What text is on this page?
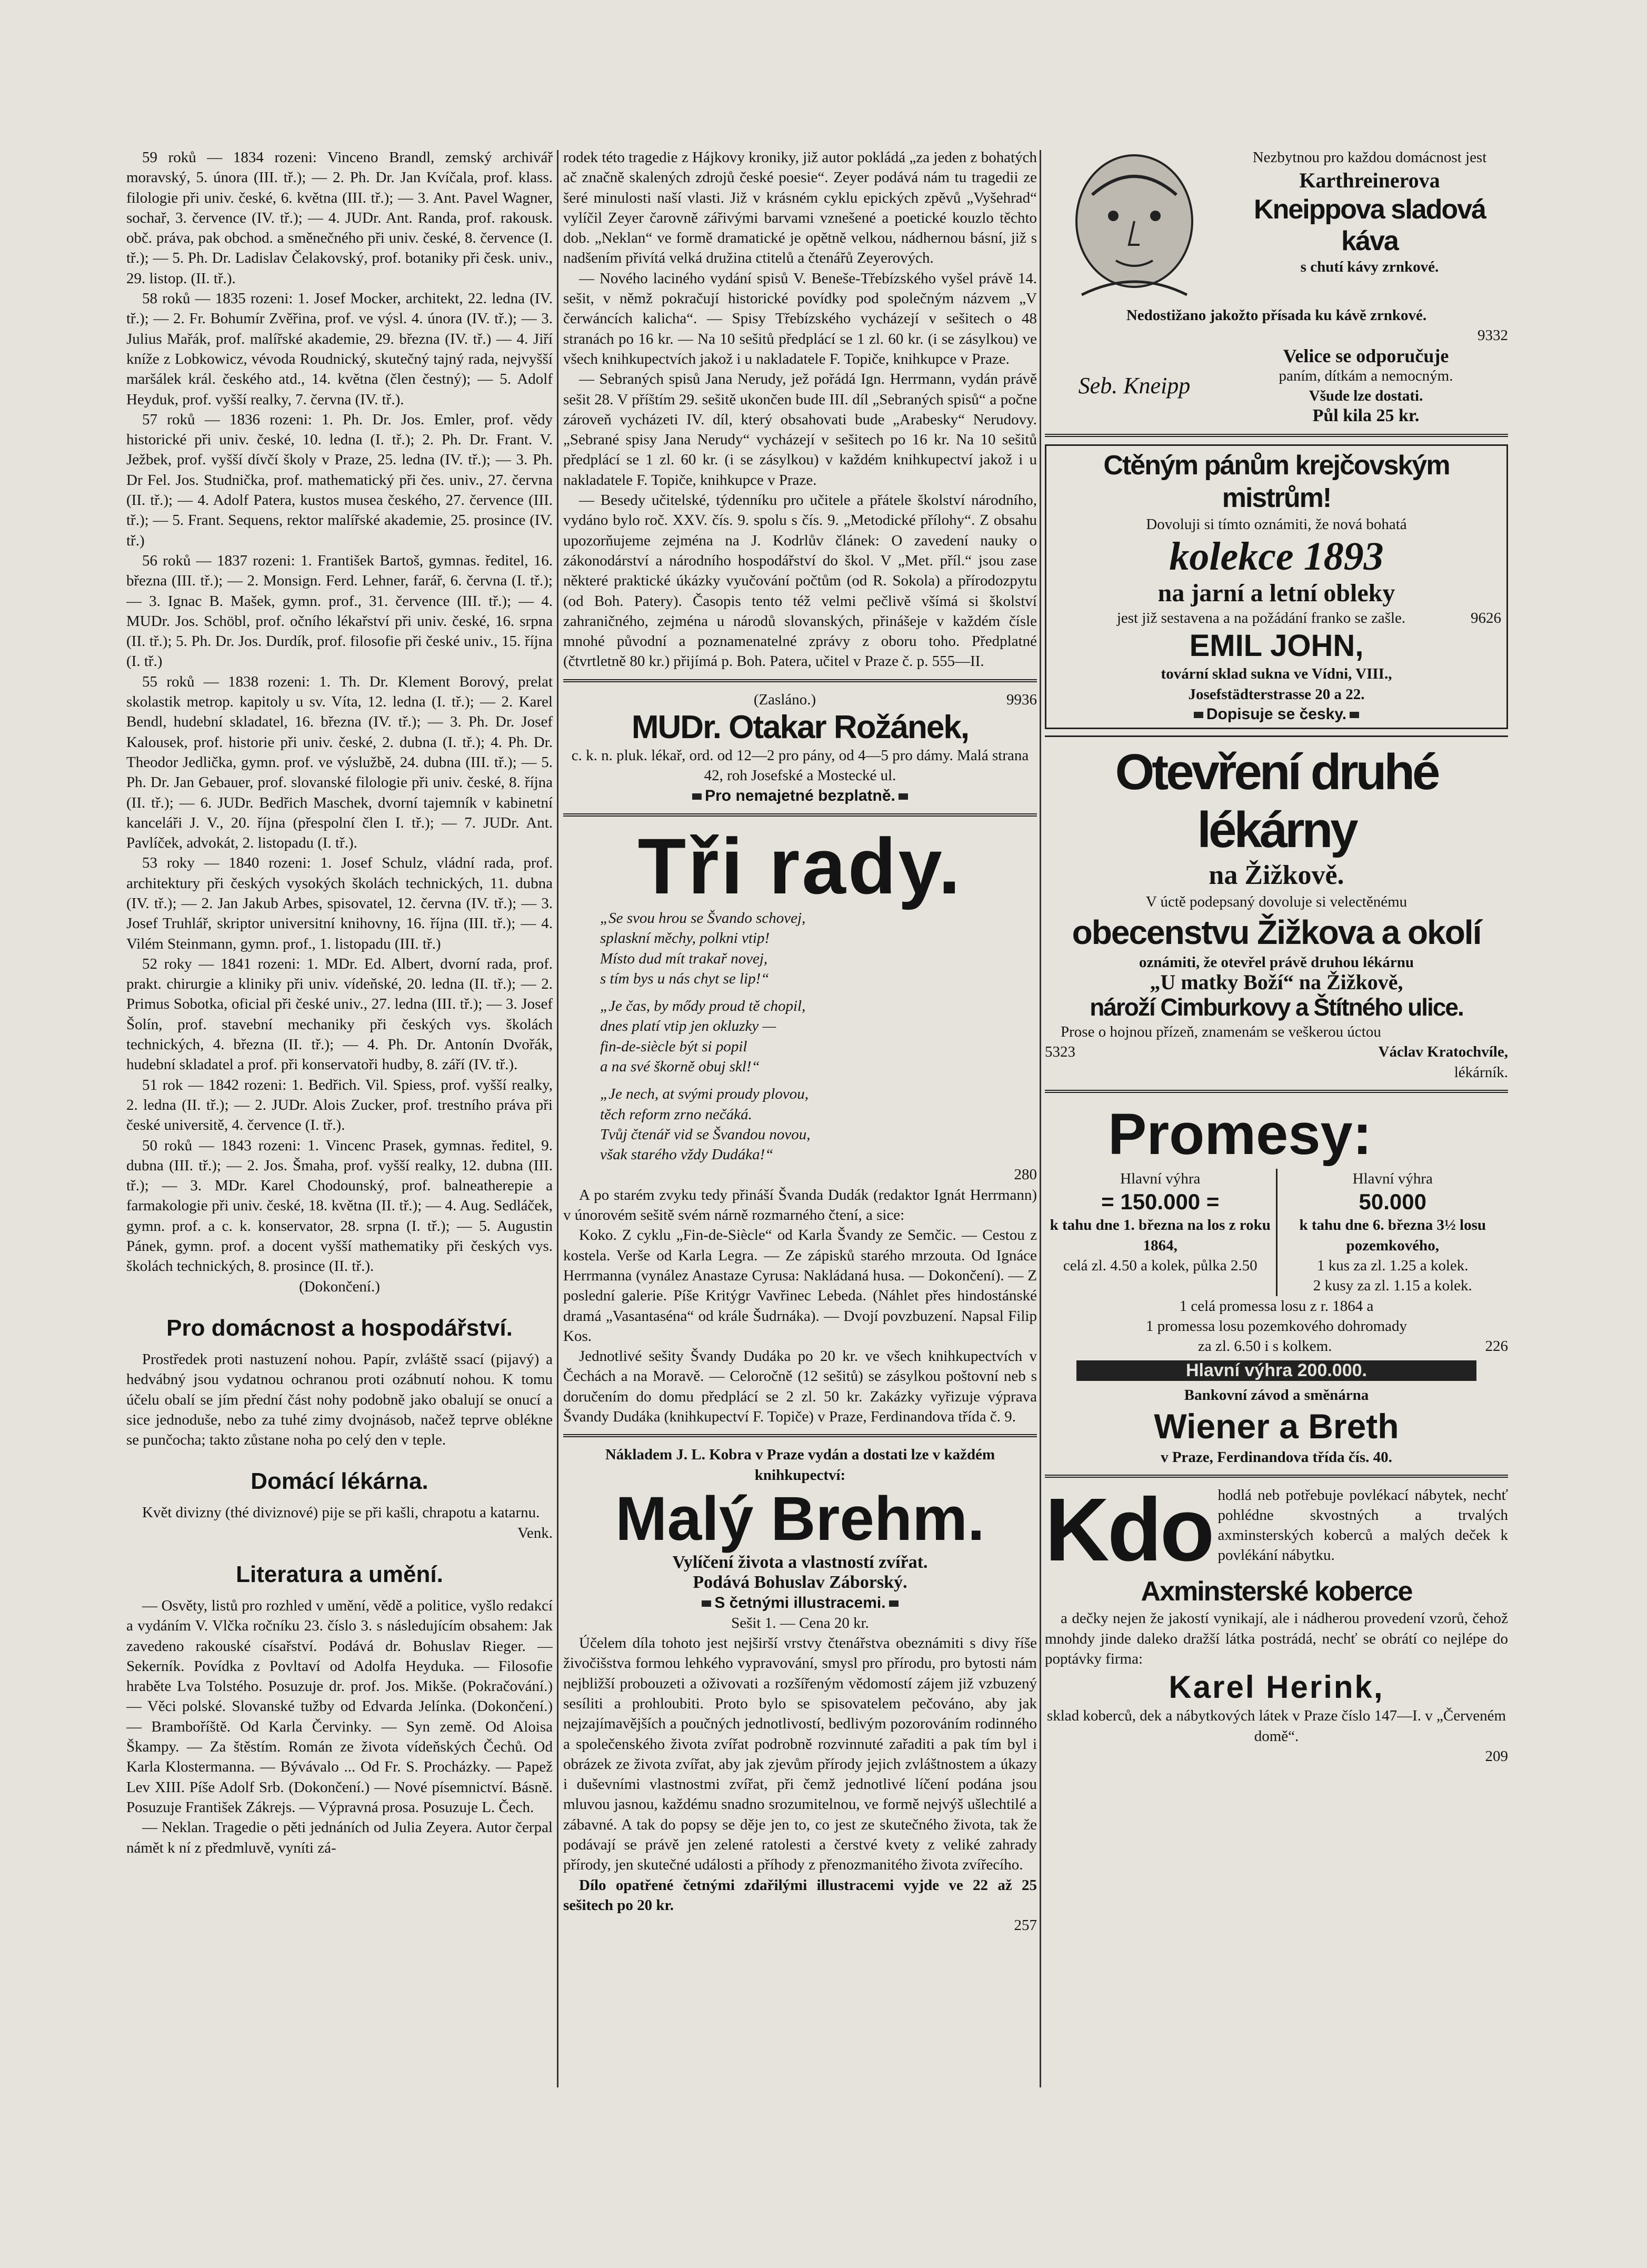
59 roků — 1834 rozeni: Vinceno Brandl, zemský archivář moravský, 5. února (III. tř.); — 2. Ph. Dr. Jan Kvíčala, prof. klass. filologie při univ. české, 6. května (III. tř.); — 3. Ant. Pavel Wagner, sochař, 3. července (IV. tř.); — 4. JUDr. Ant. Randa, prof. rakousk. obč. práva, pak obchod. a směnečného při univ. české, 8. července (I. tř.); — 5. Ph. Dr. Ladislav Čelakovský, prof. botaniky při česk. univ., 29. listop. (II. tř.).

58 roků — 1835 rozeni: 1. Josef Mocker, architekt, 22. ledna (IV. tř.); — 2. Fr. Bohumír Zvěřina, prof. ve výsl. 4. února (IV. tř.); — 3. Julius Mařák, prof. malířské akademie, 29. března (IV. tř.) — 4. Jiří kníže z Lobkowicz, vévoda Roudnický, skutečný tajný rada, nejvyšší maršálek král. českého atd., 14. května (člen čestný); — 5. Adolf Heyduk, prof. vyšší realky, 7. června (IV. tř.).

57 roků — 1836 rozeni: 1. Ph. Dr. Jos. Emler, prof. vědy historické při univ. české, 10. ledna (I. tř.); 2. Ph. Dr. Frant. V. Ježbek, prof. vyšší dívčí školy v Praze, 25. ledna (IV. tř.); — 3. Ph. Dr Fel. Jos. Studnička, prof. mathematický při čes. univ., 27. června (II. tř.); — 4. Adolf Patera, kustos musea českého, 27. července (III. tř.); — 5. Frant. Sequens, rektor malířské akademie, 25. prosince (IV. tř.)

56 roků — 1837 rozeni: 1. František Bartoš, gymnas. ředitel, 16. března (III. tř.); — 2. Monsign. Ferd. Lehner, farář, 6. června (I. tř.); — 3. Ignac B. Mašek, gymn. prof., 31. července (III. tř.); — 4. MUDr. Jos. Schöbl, prof. očního lékařství při univ. české, 16. srpna (II. tř.); 5. Ph. Dr. Jos. Durdík, prof. filosofie při české univ., 15. října (I. tř.)

55 roků — 1838 rozeni: 1. Th. Dr. Klement Borový, prelat skolastik metrop. kapitoly u sv. Víta, 12. ledna (I. tř.); — 2. Karel Bendl, hudební skladatel, 16. března (IV. tř.); — 3. Ph. Dr. Josef Kalousek, prof. historie při univ. české, 2. dubna (I. tř.); 4. Ph. Dr. Theodor Jedlička, gymn. prof. ve výslužbě, 24. dubna (III. tř.); — 5. Ph. Dr. Jan Gebauer, prof. slovanské filologie při univ. české, 8. října (II. tř.); — 6. JUDr. Bedřich Maschek, dvorní tajemník v kabinetní kanceláři J. V., 20. října (přespolní člen I. tř.); — 7. JUDr. Ant. Pavlíček, advokát, 2. listopadu (I. tř.).

53 roky — 1840 rozeni: 1. Josef Schulz, vládní rada, prof. architektury při českých vysokých školách technických, 11. dubna (IV. tř.); — 2. Jan Jakub Arbes, spisovatel, 12. června (IV. tř.); — 3. Josef Truhlář, skriptor universitní knihovny, 16. října (III. tř.); — 4. Vilém Steinmann, gymn. prof., 1. listopadu (III. tř.)

52 roky — 1841 rozeni: 1. MDr. Ed. Albert, dvorní rada, prof. prakt. chirurgie a kliniky při univ. vídeňské, 20. ledna (II. tř.); — 2. Primus Sobotka, oficial při české univ., 27. ledna (III. tř.); — 3. Josef Šolín, prof. stavební mechaniky při českých vys. školách technických, 4. března (II. tř.); — 4. Ph. Dr. Antonín Dvořák, hudební skladatel a prof. při konservatoři hudby, 8. září (IV. tř.).

51 rok — 1842 rozeni: 1. Bedřich. Vil. Spiess, prof. vyšší realky, 2. ledna (II. tř.); — 2. JUDr. Alois Zucker, prof. trestního práva při české universitě, 4. července (I. tř.).

50 roků — 1843 rozeni: 1. Vincenc Prasek, gymnas. ředitel, 9. dubna (III. tř.); — 2. Jos. Šmaha, prof. vyšší realky, 12. dubna (III. tř.); — 3. MDr. Karel Chodounský, prof. balneatherepie a farmakologie při univ. české, 18. května (II. tř.); — 4. Aug. Sedláček, gymn. prof. a c. k. konservator, 28. srpna (I. tř.); — 5. Augustin Pánek, gymn. prof. a docent vyšší mathematiky při českých vys. školách technických, 8. prosince (II. tř.).

(Dokončení.)

Pro domácnost a hospodářství.

Prostředek proti nastuzení nohou. Papír, zvláště ssací (pijavý) a hedvábný jsou vydatnou ochranou proti ozábnutí nohou. K tomu účelu obalí se jím přední část nohy podobně jako obalují se onucí a sice jednoduše, nebo za tuhé zimy dvojnásob, načež teprve oblékne se punčocha; takto zůstane noha po celý den v teple.

Domácí lékárna.

Květ divizny (thé diviznové) pije se při kašli, chrapotu a katarnu.

Venk.

Literatura a umění.

— Osvěty, listů pro rozhled v umění, vědě a politice, vyšlo redakcí a vydáním V. Vlčka ročníku 23. číslo 3. s následujícím obsahem: Jak zavedeno rakouské císařství. Podává dr. Bohuslav Rieger. — Sekerník. Povídka z Povltaví od Adolfa Heyduka. — Filosofie hraběte Lva Tolstého. Posuzuje dr. prof. Jos. Mikše. (Pokračování.) — Věci polské. Slovanské tužby od Edvarda Jelínka. (Dokončení.) — Bramboříště. Od Karla Červinky. — Syn země. Od Aloisa Škampy. — Za štěstím. Román ze života vídeňských Čechů. Od Karla Klostermanna. — Bývávalo ... Od Fr. S. Procházky. — Papež Lev XIII. Píše Adolf Srb. (Dokončení.) — Nové písemnictví. Básně. Posuzuje František Zákrejs. — Výpravná prosa. Posuzuje L. Čech.

— Neklan. Tragedie o pěti jednáních od Julia Zeyera. Autor čerpal námět k ní z předmluvě, vyníti zá-

rodek této tragedie z Hájkovy kroniky, již autor pokládá „za jeden z bohatých ač značně skalených zdrojů české poesie“. Zeyer podává nám tu tragedii ze šeré minulosti naší vlasti. Již v krásném cyklu epických zpěvů „Vyšehrad“ vylíčil Zeyer čarovně zářivými barvami vznešené a poetické kouzlo těchto dob. „Neklan“ ve formě dramatické je opětně velkou, nádhernou básní, již s nadšením přivítá velká družina ctitelů a čtenářů Zeyerových.

— Nového laciného vydání spisů V. Beneše-Třebízského vyšel právě 14. sešit, v němž pokračují historické povídky pod společným názvem „V čerwáncích kalicha“. — Spisy Třebízského vycházejí v sešitech o 48 stranách po 16 kr. — Na 10 sešitů předplácí se 1 zl. 60 kr. (i se zásylkou) ve všech knihkupectvích jakož i u nakladatele F. Topiče, knihkupce v Praze.

— Sebraných spisů Jana Nerudy, jež pořádá Ign. Herrmann, vydán právě sešit 28. V příštím 29. sešitě ukončen bude III. díl „Sebraných spisů“ a počne zároveň vycházeti IV. díl, který obsahovati bude „Arabesky“ Nerudovy. „Sebrané spisy Jana Nerudy“ vycházejí v sešitech po 16 kr. Na 10 sešitů předplácí se 1 zl. 60 kr. (i se zásylkou) v každém knihkupectví jakož i u nakladatele F. Topiče, knihkupce v Praze.

— Besedy učitelské, týdenníku pro učitele a přátele školství národního, vydáno bylo roč. XXV. čís. 9. spolu s čís. 9. „Metodické přílohy“. Z obsahu upozorňujeme zejména na J. Kodrlův článek: O zavedení nauky o zákonodárství a národního hospodářství do škol. V „Met. příl.“ jsou zase některé praktické úkázky vyučování počtům (od R. Sokola) a přírodozpytu (od Boh. Patery). Časopis tento též velmi pečlivě všímá si školství zahraničného, zejména u národů slovanských, přinášeje v každém čísle mnohé původní a poznamenatelné zprávy z oboru toho. Předplatné (čtvrtletně 80 kr.) přijímá p. Boh. Patera, učitel v Praze č. p. 555—II.

(Zasláno.)	9936
MUDr. Otakar Rožánek,

c. k. n. pluk. lékař, ord. od 12—2 pro pány, od 4—5 pro dámy. Malá strana 42, roh Josefské a Mostecké ul.

Pro nemajetné bezplatně.
Tři rady.

„Se svou hrou se Švando schovej,

splaskní měchy, polkni vtip!

Místo dud mít trakař novej,

s tím bys u nás chyt se lip!“

„Je čas, by mődy proud tě chopil,

dnes platí vtip jen okluzky —

fin-de-siècle být si popil

a na své škorně obuj skl!“

„Je nech, at svými proudy plovou,

těch reform zrno nečáká.

Tvůj čtenář vid se Švandou novou,

však starého vždy Dudáka!“

280

A po starém zvyku tedy přináší Švanda Dudák (redaktor Ignát Herrmann) v únorovém sešitě svém nárně rozmarného čtení, a sice:

Koko. Z cyklu „Fin-de-Siècle“ od Karla Švandy ze Semčic. — Cestou z kostela. Verše od Karla Legra. — Ze zápisků starého mrzouta. Od Ignáce Herrmanna (vynález Anastaze Cyrusa: Nakládaná husa. — Dokončení). — Z poslední galerie. Píše Kritýgr Vavřinec Lebeda. (Náhlet přes hindostánské dramá „Vasantaséna“ od krále Šudrnáka). — Dvojí povzbuzení. Napsal Filip Kos.

Jednotlivé sešity Švandy Dudáka po 20 kr. ve všech knihkupectvích v Čechách a na Moravě. — Celoročně (12 sešitů) se zásylkou poštovní neb s doručením do domu předplácí se 2 zl. 50 kr. Zakázky vyřizuje výprava Švandy Dudáka (knihkupectví F. Topiče) v Praze, Ferdinandova třída č. 9.

Nákladem J. L. Kobra v Praze vydán a dostati lze v každém knihkupectví:

Malý Brehm.

Vylíčení života a vlastností zvířat.

Podává Bohuslav Záborský.

S četnými illustracemi.

Sešit 1. — Cena 20 kr.

Účelem díla tohoto jest nejširší vrstvy čtenářstva obeznámiti s divy říše živočišstva formou lehkého vypravování, smysl pro přírodu, pro bytosti nám nejbližší probouzeti a oživovati a rozšířeným vědomostí zájem již vzbuzený sesíliti a prohloubiti. Proto bylo se spisovatelem pečováno, aby jak nejzajímavějších a poučných jednotlivostí, bedlivým pozorováním rodinného a společenského života zvířat podrobně rozvinnuté zařaditi a pak tím byl i obrázek ze života zvířat, aby jak zjevům přírody jejich zvláštnostem a úkazy i duševními vlastnostmi zvířat, při čemž jednotlivé líčení podána jsou mluvou jasnou, každému snadno srozumitelnou, ve formě nejvýš ušlechtilé a zábavné. A tak do popsy se děje jen to, co jest ze skutečného života, tak že podávají se právě jen zelené ratolesti a čerstvé kvety z veliké zahrady přírody, jen skutečné události a příhody z přenozmanitého života zvířecího.

Dílo opatřené četnými zdařilými illustracemi vyjde ve 22 až 25 sešitech po 20 kr.

257

Nezbytnou pro každou domácnost jest

Karthreinerova

Kneippova sladová káva

s chutí kávy zrnkové.

Nedostižano jakožto přísada ku kávě zrnkové.

9332

Seb. Kneipp

Velice se odporučuje

paním, dítkám a nemocným.

Všude lze dostati.

Půl kila 25 kr.

Ctěným pánům krejčovským mistrům!

Dovoluji si tímto oznámiti, že nová bohatá

kolekce 1893

na jarní a letní obleky

jest již sestavena a na požádání franko se zašle.	9626

EMIL JOHN,

tovární sklad sukna ve Vídni, VIII.,

Josefstädterstrasse 20 a 22.

Dopisuje se česky.

Otevření druhé lékárny

na Žižkově.

V úctě podepsaný dovoluje si velectěnému

obecenstvu Žižkova a okolí

oznámiti, že otevřel právě druhou lékárnu

„U matky Boží“ na Žižkově,

nároží Cimburkovy a Štítného ulice.

Prose o hojnou přízeň, znamenám se veškerou úctou

5323	Václav Kratochvíle,

lékárník.

Promesy:

Hlavní výhra

= 150.000 =

k tahu dne 1. března na los z roku 1864,

celá zl. 4.50 a kolek, půlka 2.50

Hlavní výhra

50.000

k tahu dne 6. března 3½ losu pozemkového,

1 kus za zl. 1.25 a kolek.

2 kusy za zl. 1.15 a kolek.

1 celá promessa losu z r. 1864 a

1 promessa losu pozemkového dohromady

za zl. 6.50 i s kolkem.	226

Hlavní výhra 200.000.

Bankovní závod a směnárna

Wiener a Breth

v Praze, Ferdinandova třída čís. 40.

Kdo hodlá neb potřebuje povlékací nábytek, nechť pohlédne skvostných a trvalých axminsterských koberců a malých deček k povlékání nábytku.

Axminsterské koberce

a dečky nejen že jakostí vynikají, ale i nádherou provedení vzorů, čehož mnohdy jinde daleko dražší látka postrádá, nechť se obrátí co nejlépe do poptávky firma:

Karel Herink,

sklad koberců, dek a nábytkových látek v Praze číslo 147—I. v „Červeném domě“.

209
